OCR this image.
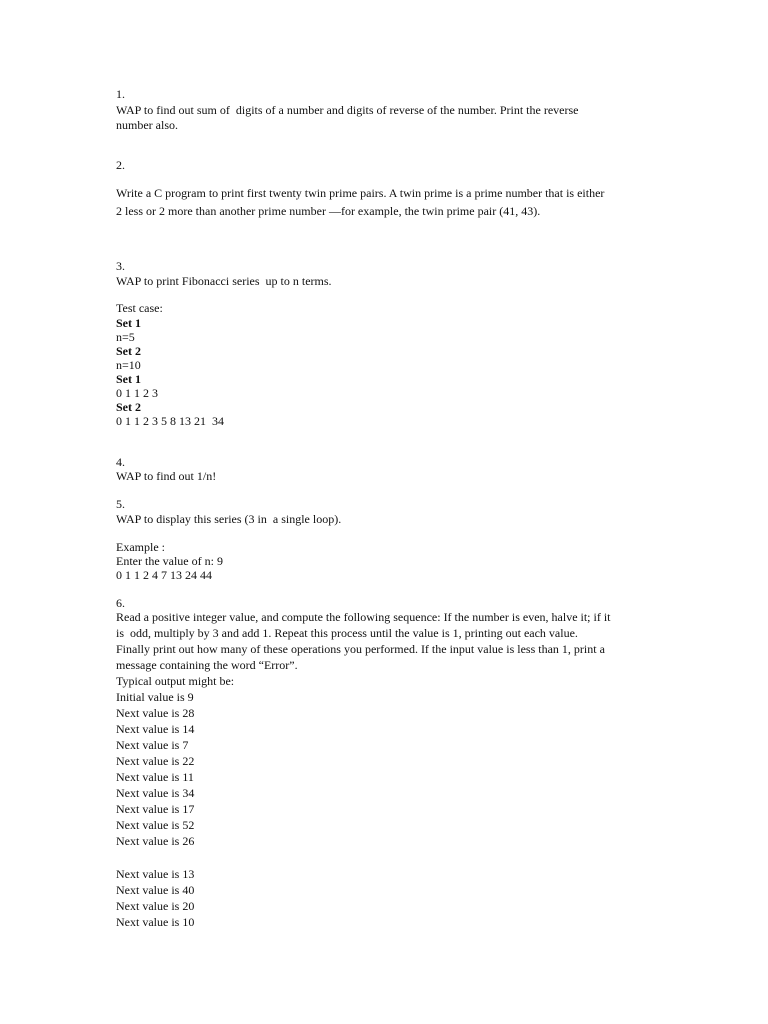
1.
WAP to find out sum of  digits of a number and digits of reverse of the number. Print the reverse
number also.
2.
Write a C program to print first twenty twin prime pairs. A twin prime is a prime number that is either
2 less or 2 more than another prime number —for example, the twin prime pair (41, 43).
3.
WAP to print Fibonacci series  up to n terms.
Test case:
Set 1
n=5
Set 2
n=10
Set 1
0 1 1 2 3
Set 2
0 1 1 2 3 5 8 13 21  34
4.
WAP to find out 1/n!
5.
WAP to display this series (3 in  a single loop).
Example :
Enter the value of n: 9
0 1 1 2 4 7 13 24 44
6.
Read a positive integer value, and compute the following sequence: If the number is even, halve it; if it
is  odd, multiply by 3 and add 1. Repeat this process until the value is 1, printing out each value.
Finally print out how many of these operations you performed. If the input value is less than 1, print a
message containing the word “Error”.
Typical output might be:
Initial value is 9
Next value is 28
Next value is 14
Next value is 7
Next value is 22
Next value is 11
Next value is 34
Next value is 17
Next value is 52
Next value is 26
Next value is 13
Next value is 40
Next value is 20
Next value is 10
